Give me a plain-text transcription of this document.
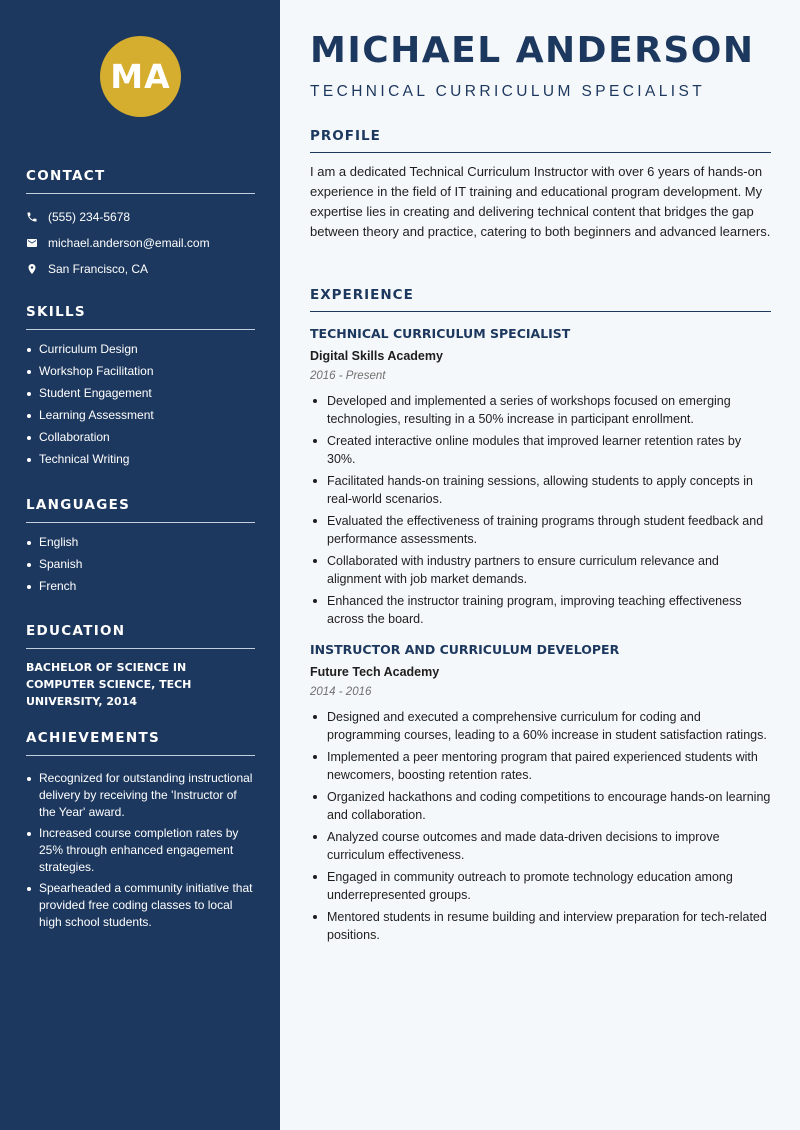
MA
CONTACT
(555) 234-5678
michael.anderson@email.com
San Francisco, CA
SKILLS
Curriculum Design
Workshop Facilitation
Student Engagement
Learning Assessment
Collaboration
Technical Writing
LANGUAGES
English
Spanish
French
EDUCATION
BACHELOR OF SCIENCE IN COMPUTER SCIENCE, TECH UNIVERSITY, 2014
ACHIEVEMENTS
Recognized for outstanding instructional delivery by receiving the 'Instructor of the Year' award.
Increased course completion rates by 25% through enhanced engagement strategies.
Spearheaded a community initiative that provided free coding classes to local high school students.
MICHAEL ANDERSON
TECHNICAL CURRICULUM SPECIALIST
PROFILE

I am a dedicated Technical Curriculum Instructor with over 6 years of hands-on experience in the field of IT training and educational program development. My expertise lies in creating and delivering technical content that bridges the gap between theory and practice, catering to both beginners and advanced learners.

EXPERIENCE
TECHNICAL CURRICULUM SPECIALIST
Digital Skills Academy
2016 - Present
Developed and implemented a series of workshops focused on emerging technologies, resulting in a 50% increase in participant enrollment.
Created interactive online modules that improved learner retention rates by 30%.
Facilitated hands-on training sessions, allowing students to apply concepts in real-world scenarios.
Evaluated the effectiveness of training programs through student feedback and performance assessments.
Collaborated with industry partners to ensure curriculum relevance and alignment with job market demands.
Enhanced the instructor training program, improving teaching effectiveness across the board.
INSTRUCTOR AND CURRICULUM DEVELOPER
Future Tech Academy
2014 - 2016
Designed and executed a comprehensive curriculum for coding and programming courses, leading to a 60% increase in student satisfaction ratings.
Implemented a peer mentoring program that paired experienced students with newcomers, boosting retention rates.
Organized hackathons and coding competitions to encourage hands-on learning and collaboration.
Analyzed course outcomes and made data-driven decisions to improve curriculum effectiveness.
Engaged in community outreach to promote technology education among underrepresented groups.
Mentored students in resume building and interview preparation for tech-related positions.
